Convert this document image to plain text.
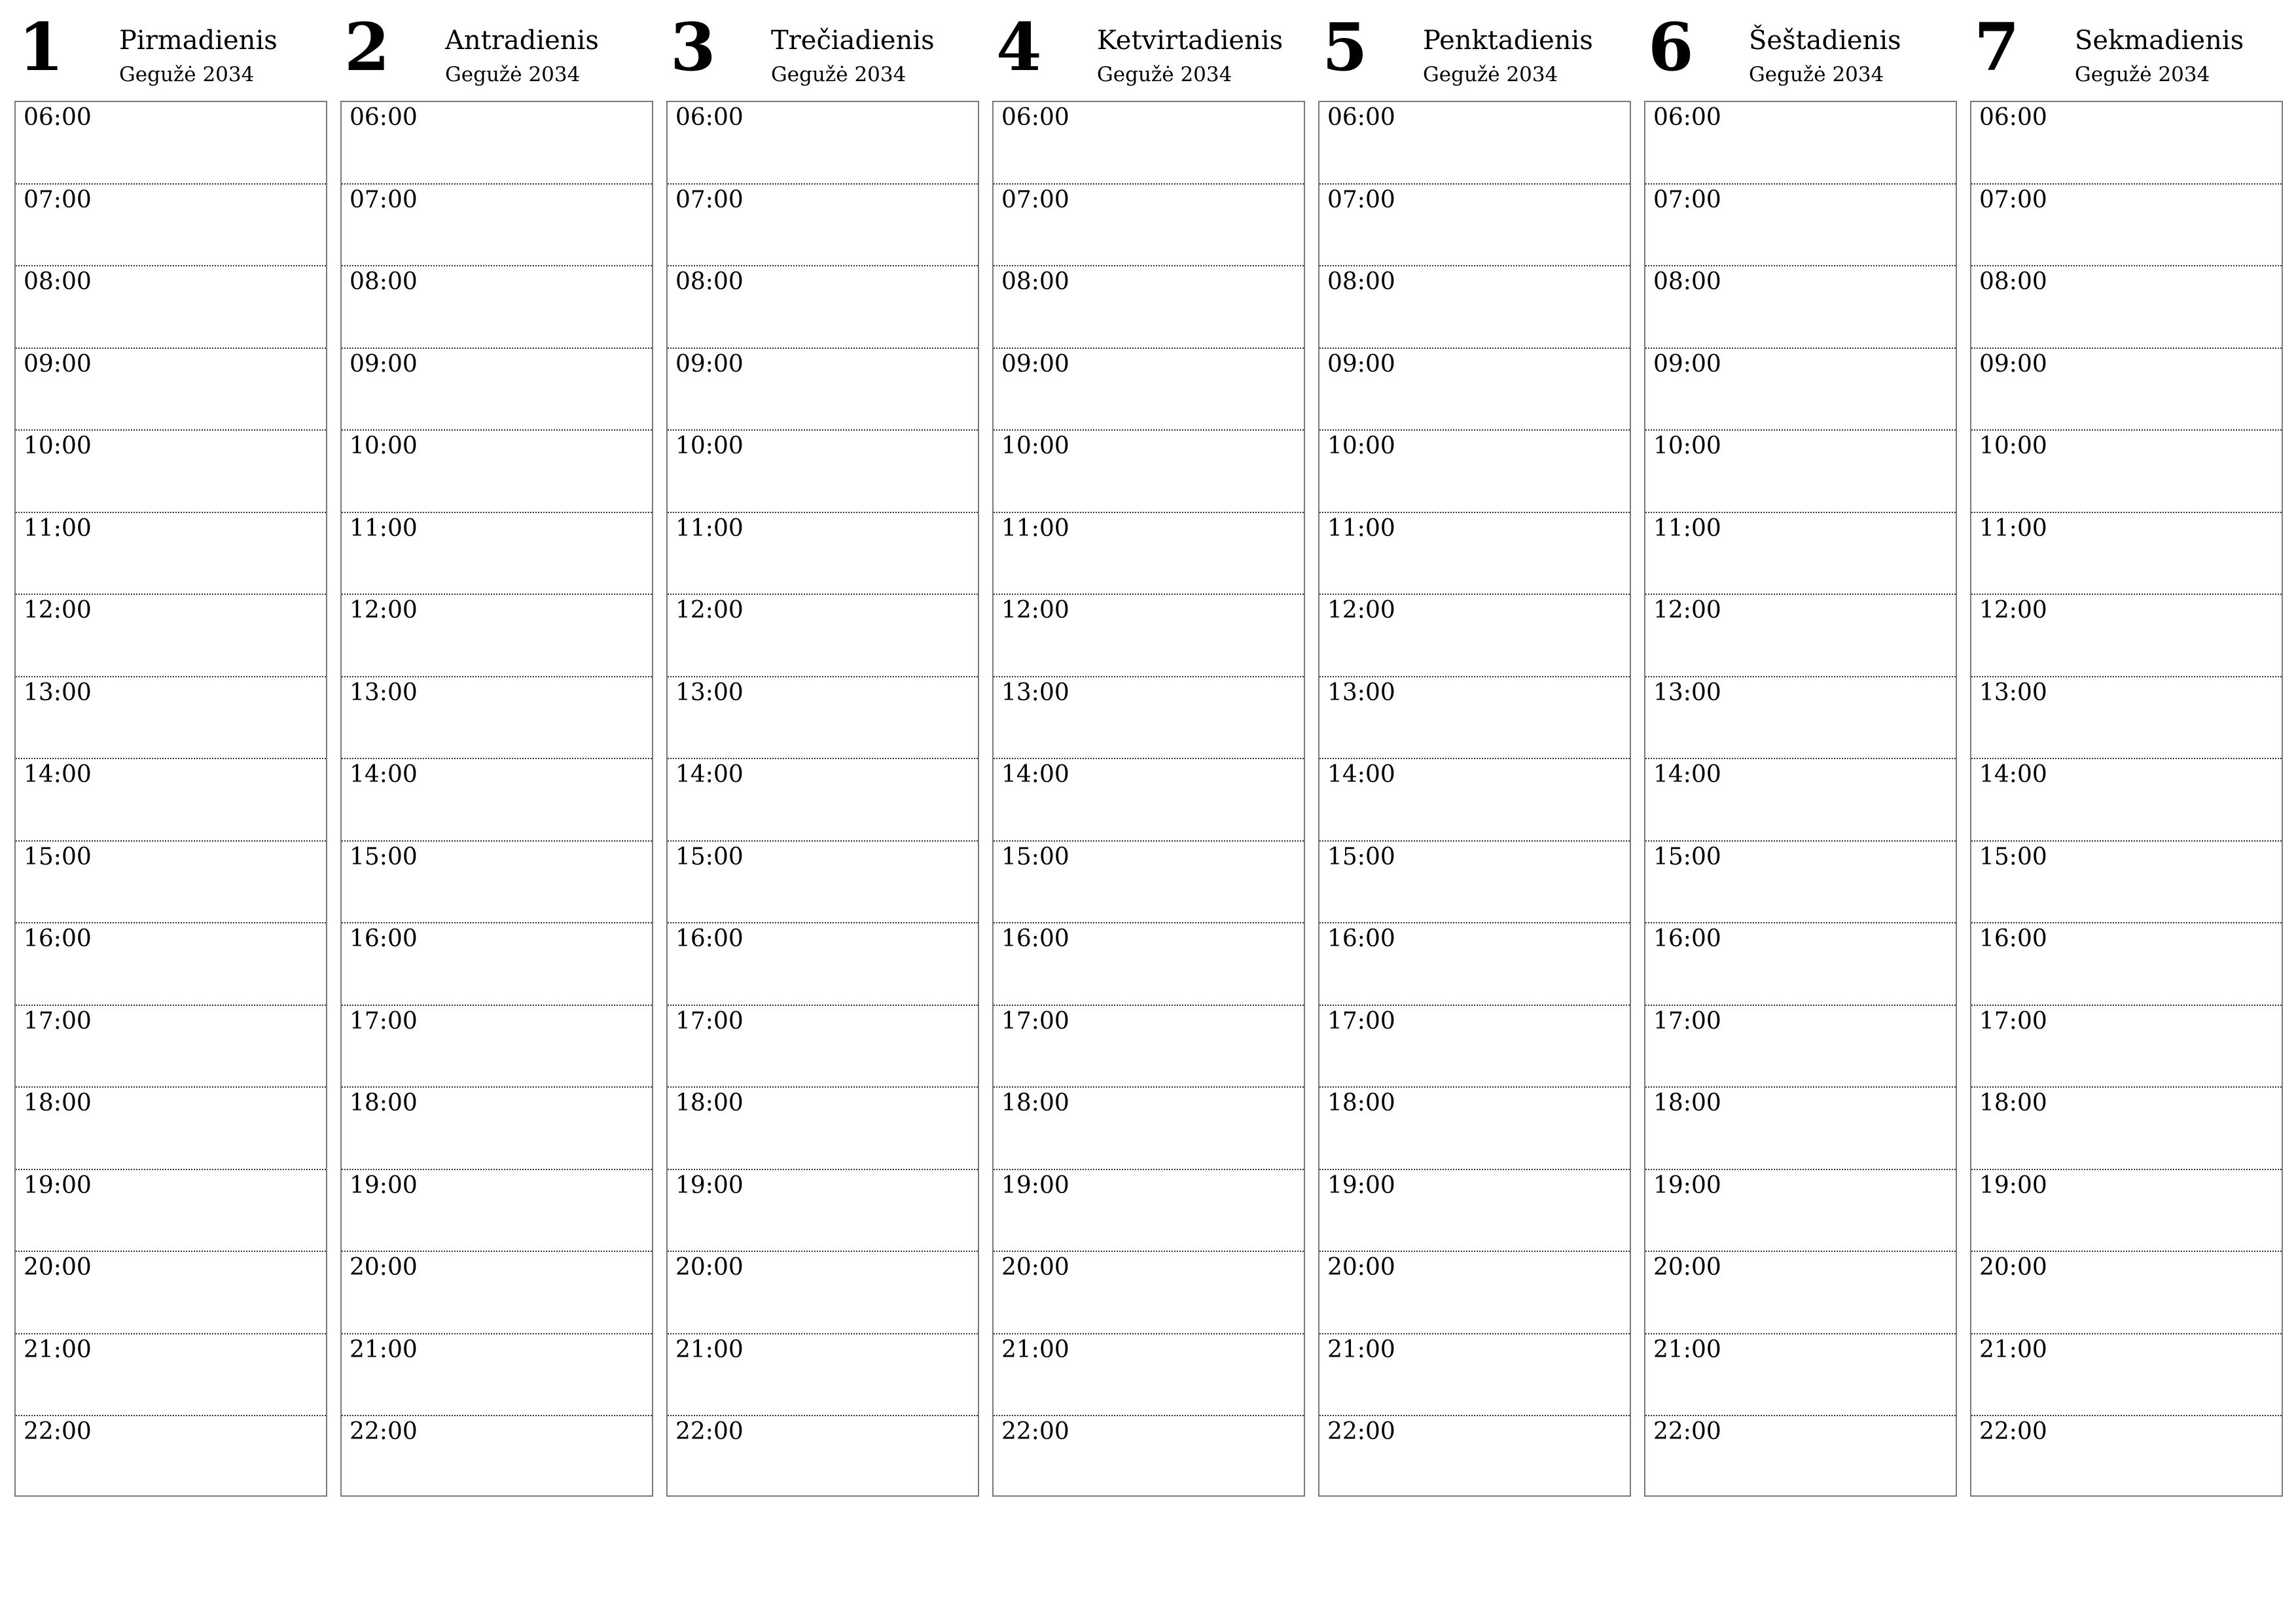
1 Pirmadienis
Gegužė 2034
06:00
07:00
08:00
09:00
10:00
11:00
12:00
13:00
14:00
15:00
16:00
17:00
18:00
19:00
20:00
21:00
22:00
2 Antradienis
Gegužė 2034
06:00
07:00
08:00
09:00
10:00
11:00
12:00
13:00
14:00
15:00
16:00
17:00
18:00
19:00
20:00
21:00
22:00
3 Trečiadienis
Gegužė 2034
06:00
07:00
08:00
09:00
10:00
11:00
12:00
13:00
14:00
15:00
16:00
17:00
18:00
19:00
20:00
21:00
22:00
4 Ketvirtadienis
Gegužė 2034
06:00
07:00
08:00
09:00
10:00
11:00
12:00
13:00
14:00
15:00
16:00
17:00
18:00
19:00
20:00
21:00
22:00
5 Penktadienis
Gegužė 2034
06:00
07:00
08:00
09:00
10:00
11:00
12:00
13:00
14:00
15:00
16:00
17:00
18:00
19:00
20:00
21:00
22:00
6 Šeštadienis
Gegužė 2034
06:00
07:00
08:00
09:00
10:00
11:00
12:00
13:00
14:00
15:00
16:00
17:00
18:00
19:00
20:00
21:00
22:00
7 Sekmadienis
Gegužė 2034
06:00
07:00
08:00
09:00
10:00
11:00
12:00
13:00
14:00
15:00
16:00
17:00
18:00
19:00
20:00
21:00
22:00
